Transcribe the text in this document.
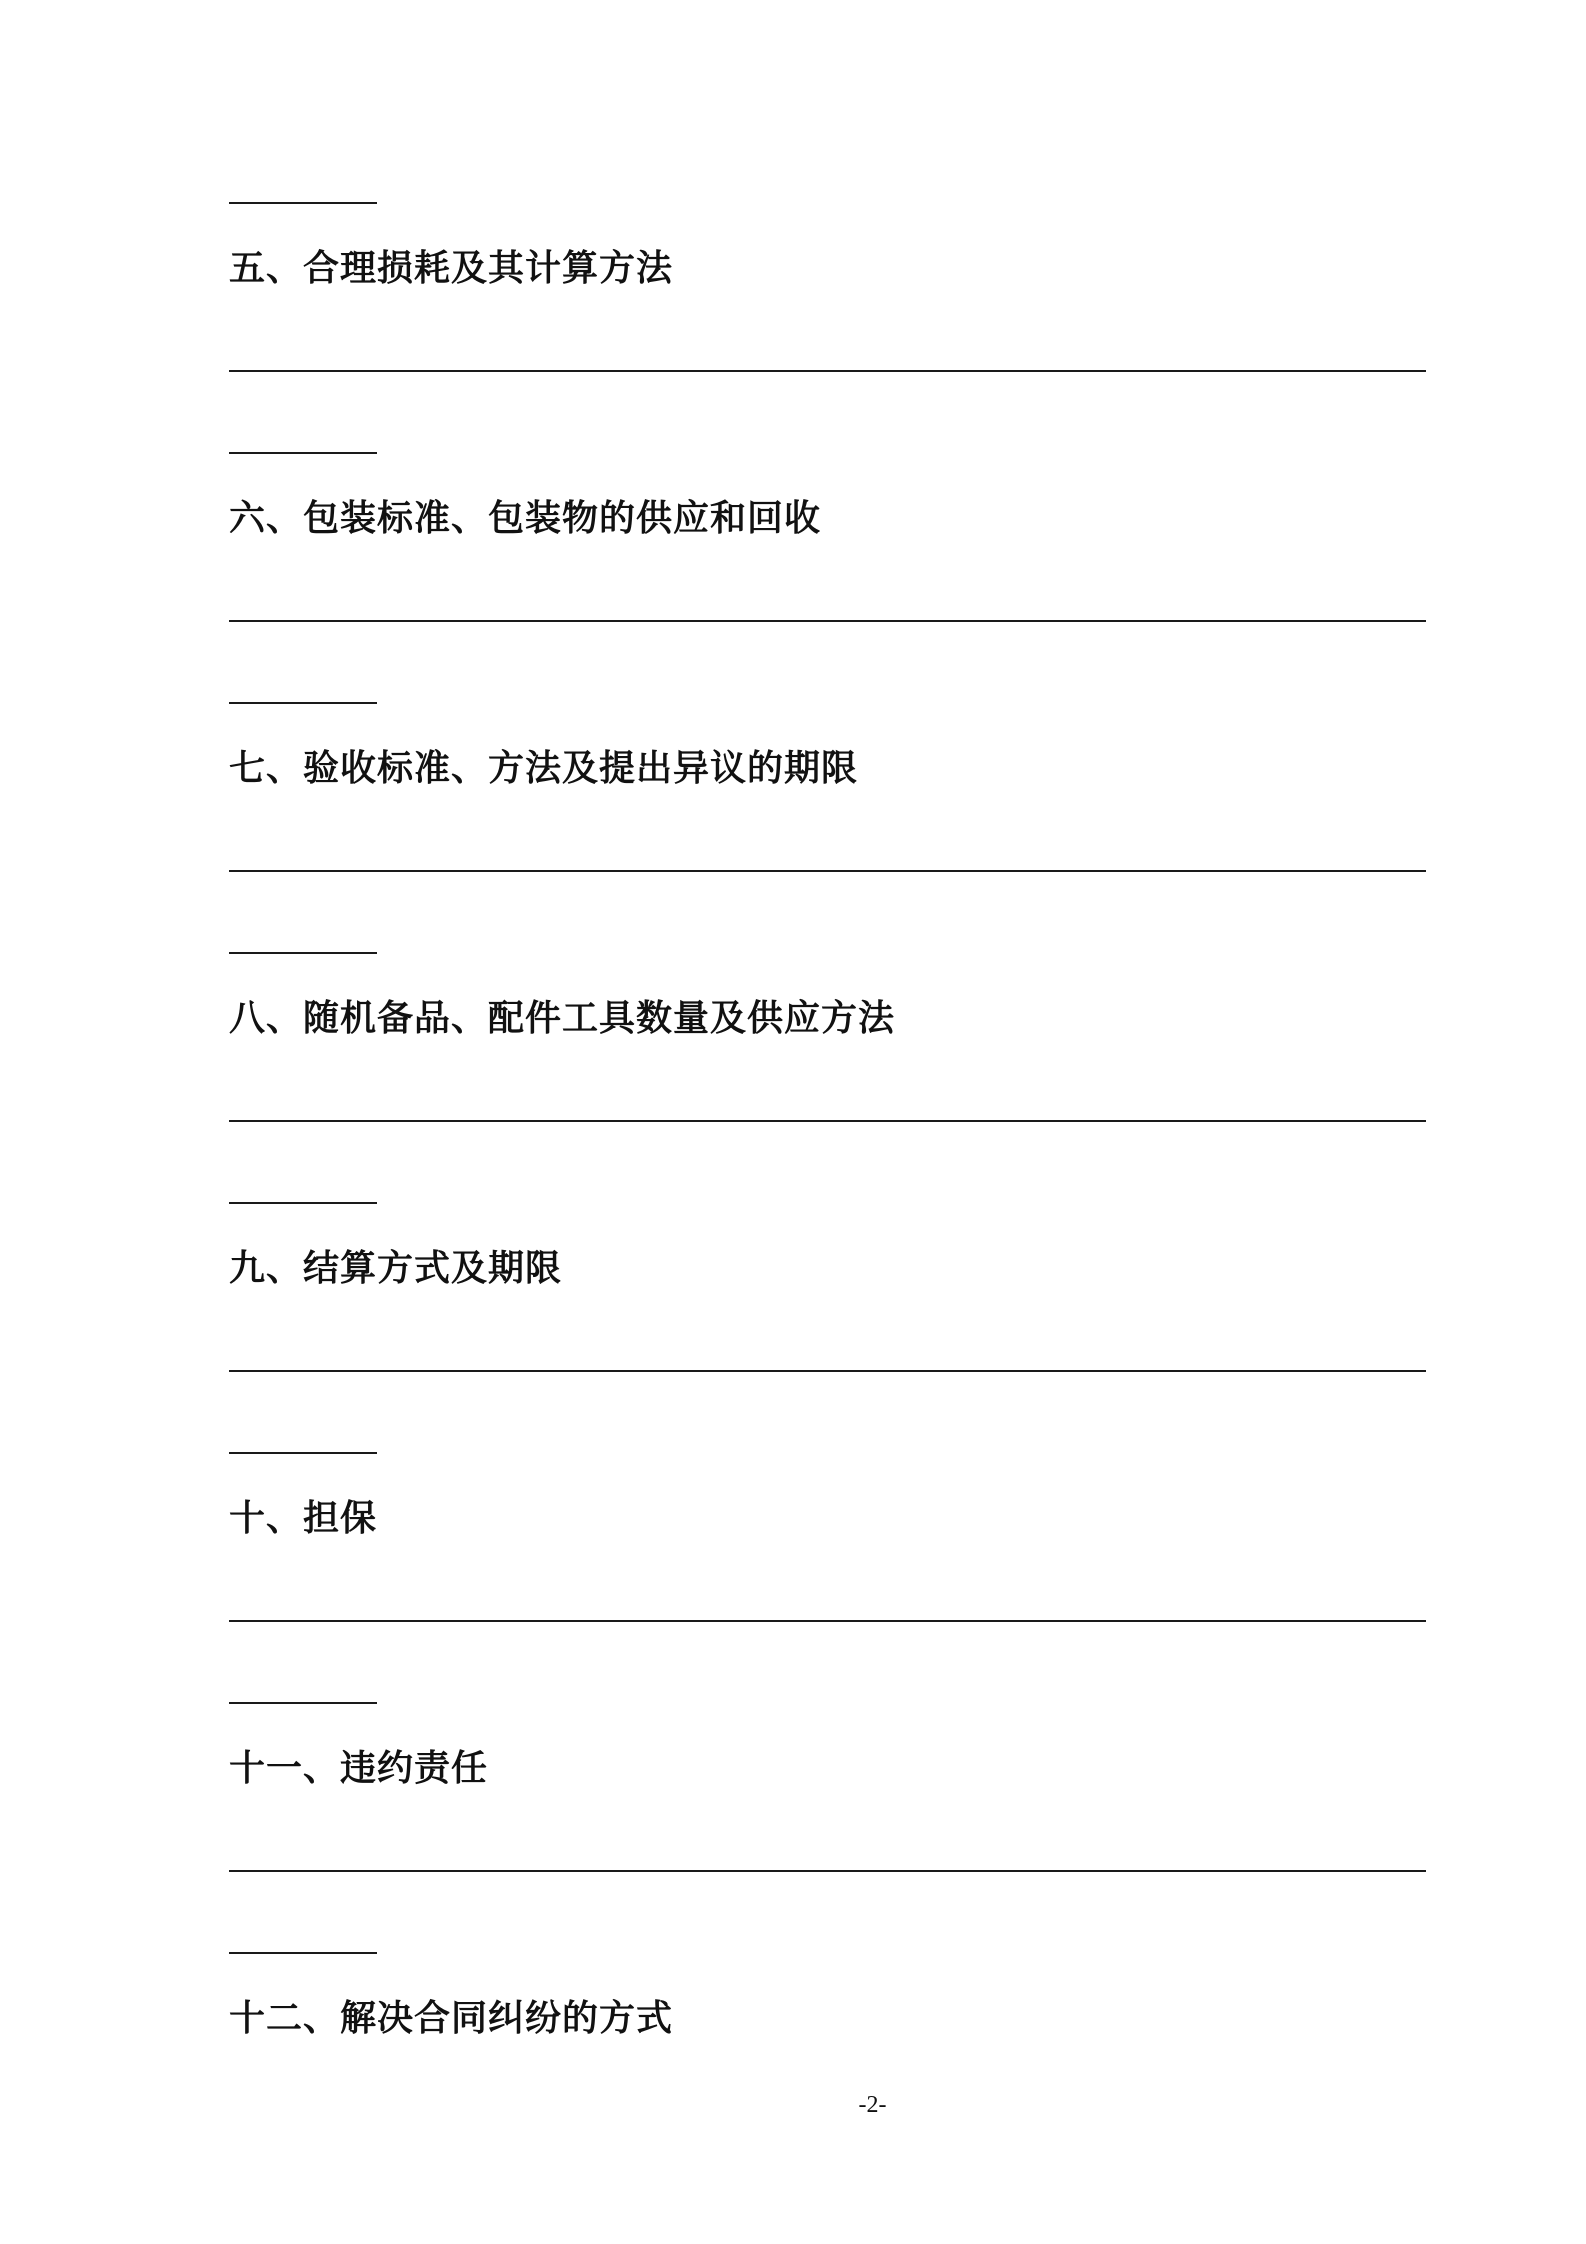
五、合理损耗及其计算方法
六、包装标准、包装物的供应和回收
七、验收标准、方法及提出异议的期限
八、随机备品、配件工具数量及供应方法
九、结算方式及期限
十、担保
十一、违约责任
十二、解决合同纠纷的方式
-2-
